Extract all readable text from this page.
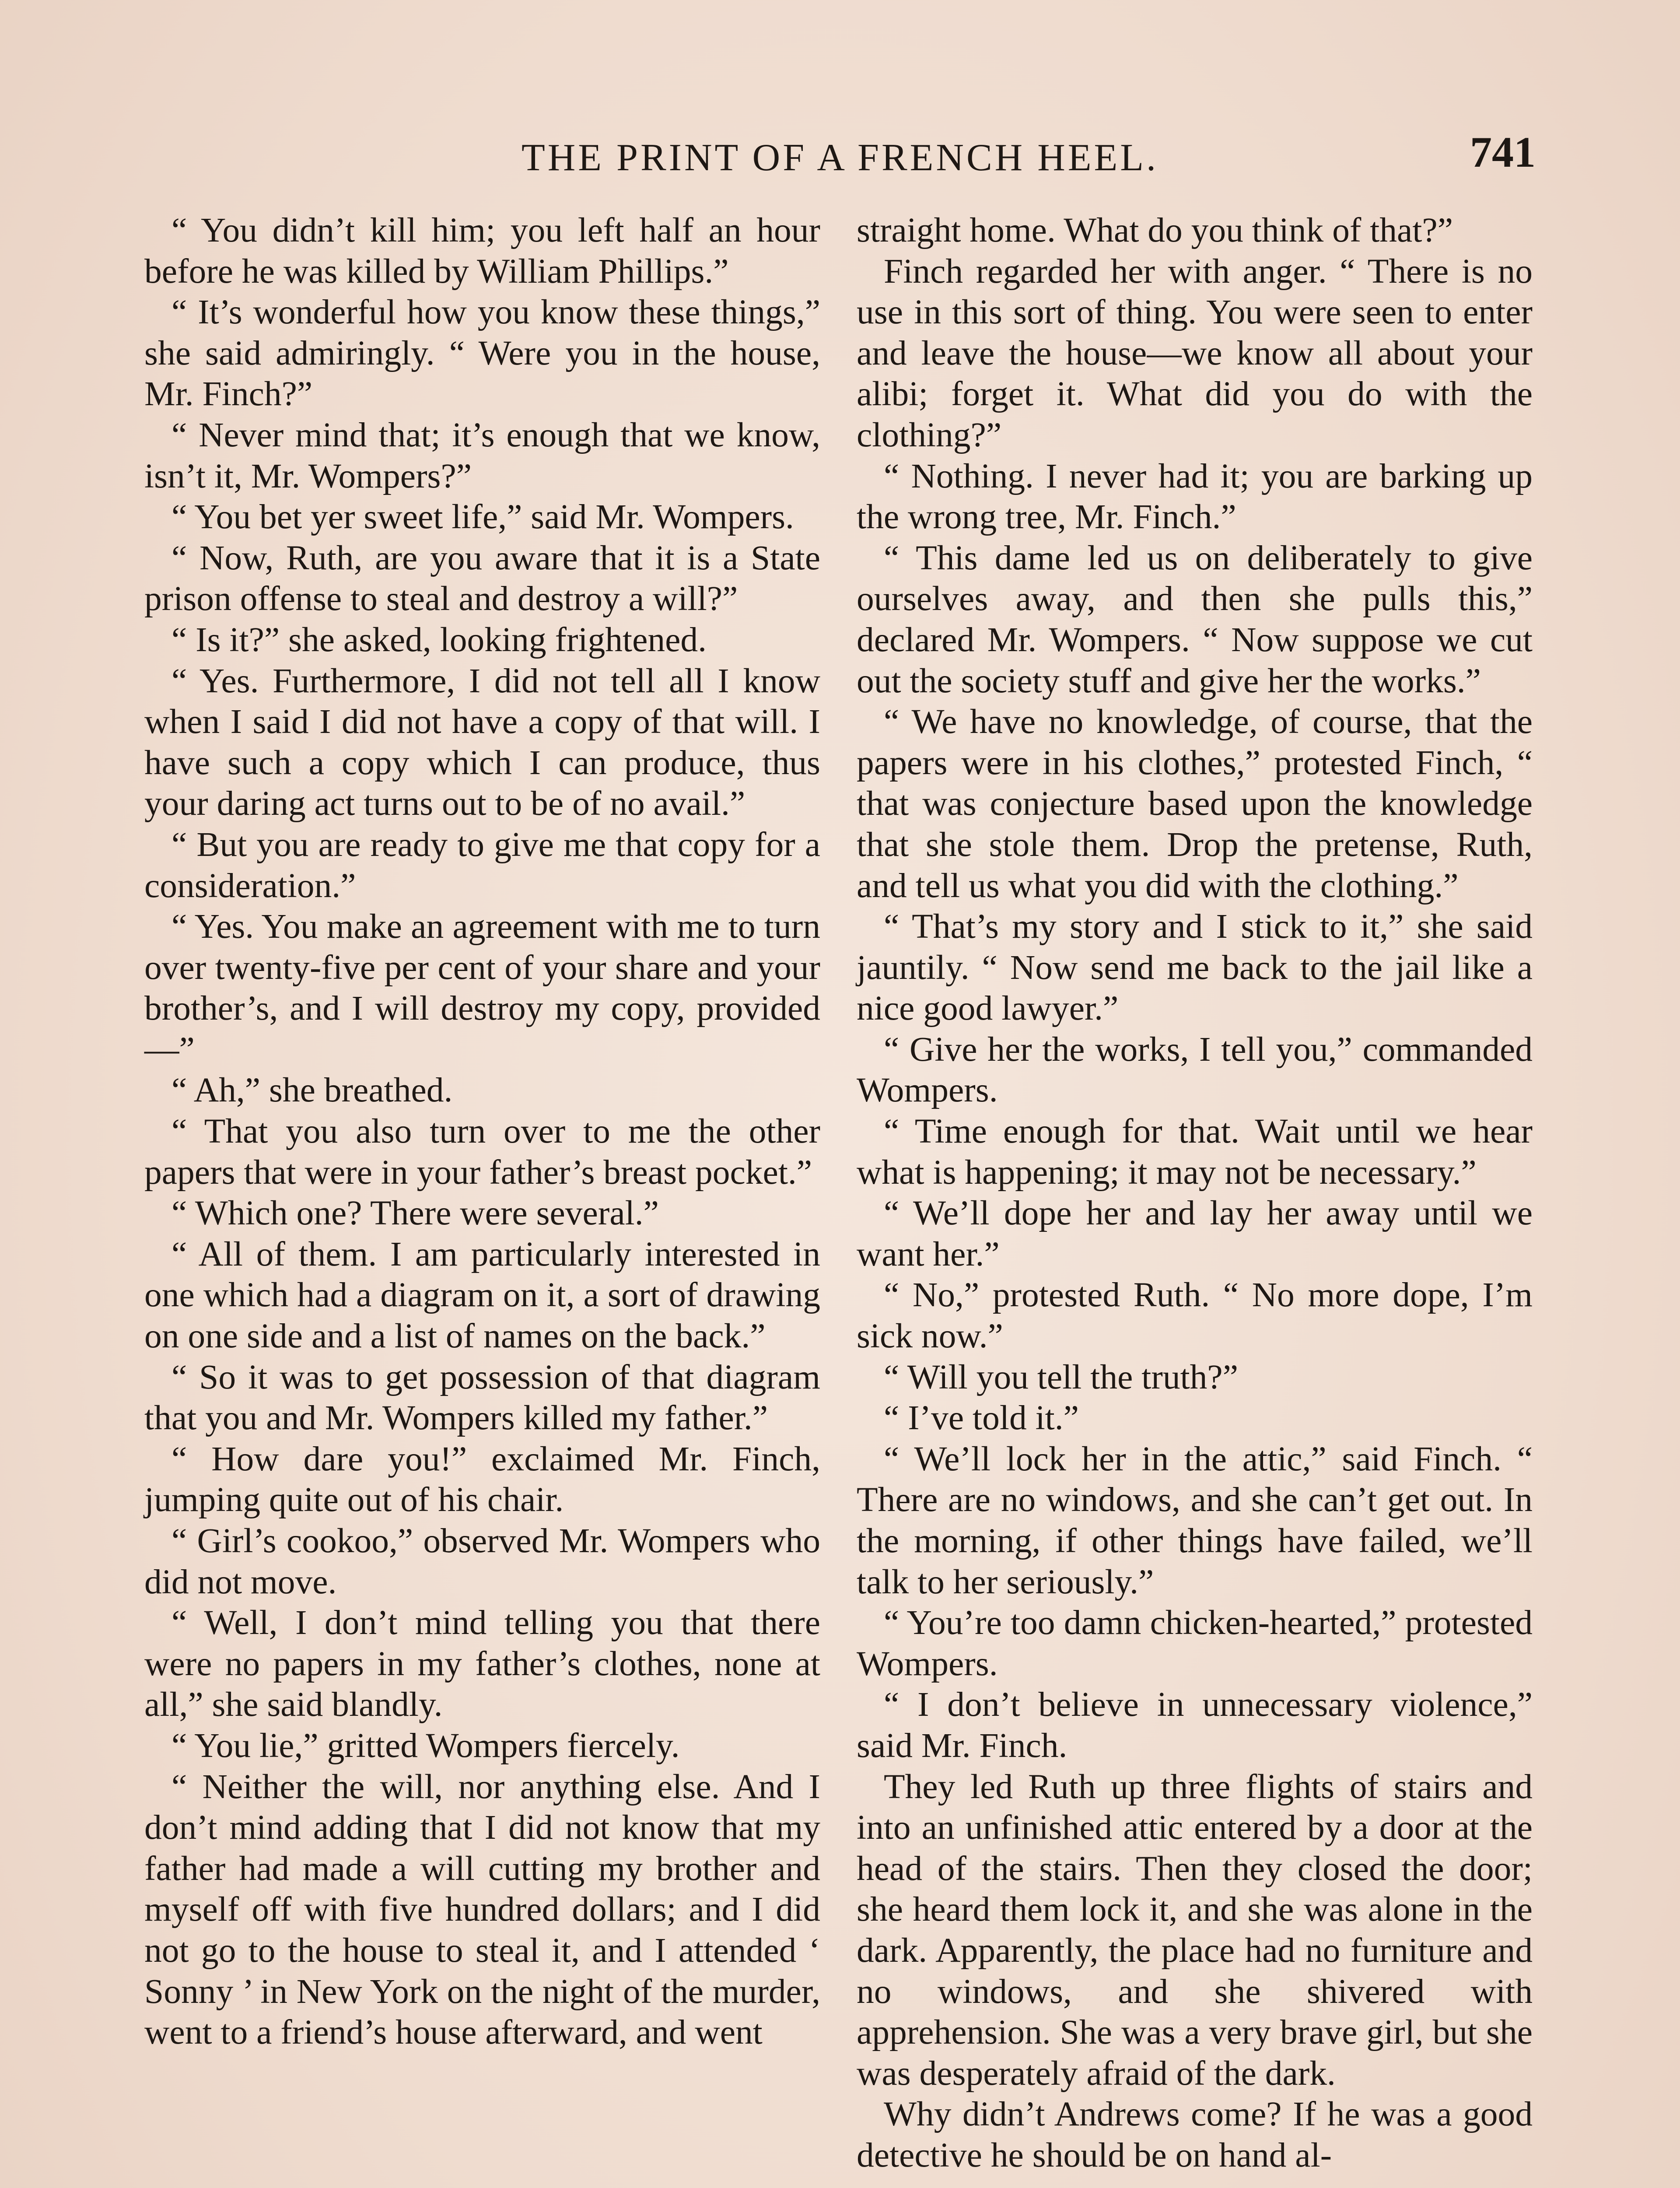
THE PRINT OF A FRENCH HEEL.	741

“ You didn’t kill him; you left half an hour before he was killed by William Phillips.”

“ It’s wonderful how you know these things,” she said admiringly. “ Were you in the house, Mr. Finch?”

“ Never mind that; it’s enough that we know, isn’t it, Mr. Wompers?”

“ You bet yer sweet life,” said Mr. Wompers.

“ Now, Ruth, are you aware that it is a State prison offense to steal and destroy a will?”

“ Is it?” she asked, looking frightened.

“ Yes. Furthermore, I did not tell all I know when I said I did not have a copy of that will. I have such a copy which I can produce, thus your daring act turns out to be of no avail.”

“ But you are ready to give me that copy for a consideration.”

“ Yes. You make an agreement with me to turn over twenty-five per cent of your share and your brother’s, and I will destroy my copy, provided—”

“ Ah,” she breathed.

“ That you also turn over to me the other papers that were in your father’s breast pocket.”

“ Which one? There were several.”

“ All of them. I am particularly interested in one which had a diagram on it, a sort of drawing on one side and a list of names on the back.”

“ So it was to get possession of that diagram that you and Mr. Wompers killed my father.”

“ How dare you!” exclaimed Mr. Finch, jumping quite out of his chair.

“ Girl’s cookoo,” observed Mr. Wompers who did not move.

“ Well, I don’t mind telling you that there were no papers in my father’s clothes, none at all,” she said blandly.

“ You lie,” gritted Wompers fiercely.

“ Neither the will, nor anything else. And I don’t mind adding that I did not know that my father had made a will cutting my brother and myself off with five hundred dollars; and I did not go to the house to steal it, and I attended ‘ Sonny ’ in New York on the night of the murder, went to a friend’s house afterward, and went

straight home. What do you think of that?”

Finch regarded her with anger. “ There is no use in this sort of thing. You were seen to enter and leave the house—we know all about your alibi; forget it. What did you do with the clothing?”

“ Nothing. I never had it; you are barking up the wrong tree, Mr. Finch.”

“ This dame led us on deliberately to give ourselves away, and then she pulls this,” declared Mr. Wompers. “ Now suppose we cut out the society stuff and give her the works.”

“ We have no knowledge, of course, that the papers were in his clothes,” protested Finch, “ that was conjecture based upon the knowledge that she stole them. Drop the pretense, Ruth, and tell us what you did with the clothing.”

“ That’s my story and I stick to it,” she said jauntily. “ Now send me back to the jail like a nice good lawyer.”

“ Give her the works, I tell you,” commanded Wompers.

“ Time enough for that. Wait until we hear what is happening; it may not be necessary.”

“ We’ll dope her and lay her away until we want her.”

“ No,” protested Ruth. “ No more dope, I’m sick now.”

“ Will you tell the truth?”

“ I’ve told it.”

“ We’ll lock her in the attic,” said Finch. “ There are no windows, and she can’t get out. In the morning, if other things have failed, we’ll talk to her seriously.”

“ You’re too damn chicken-hearted,” protested Wompers.

“ I don’t believe in unnecessary violence,” said Mr. Finch.

They led Ruth up three flights of stairs and into an unfinished attic entered by a door at the head of the stairs. Then they closed the door; she heard them lock it, and she was alone in the dark. Apparently, the place had no furniture and no windows, and she shivered with apprehension. She was a very brave girl, but she was desperately afraid of the dark.

Why didn’t Andrews come? If he was a good detective he should be on hand al-
